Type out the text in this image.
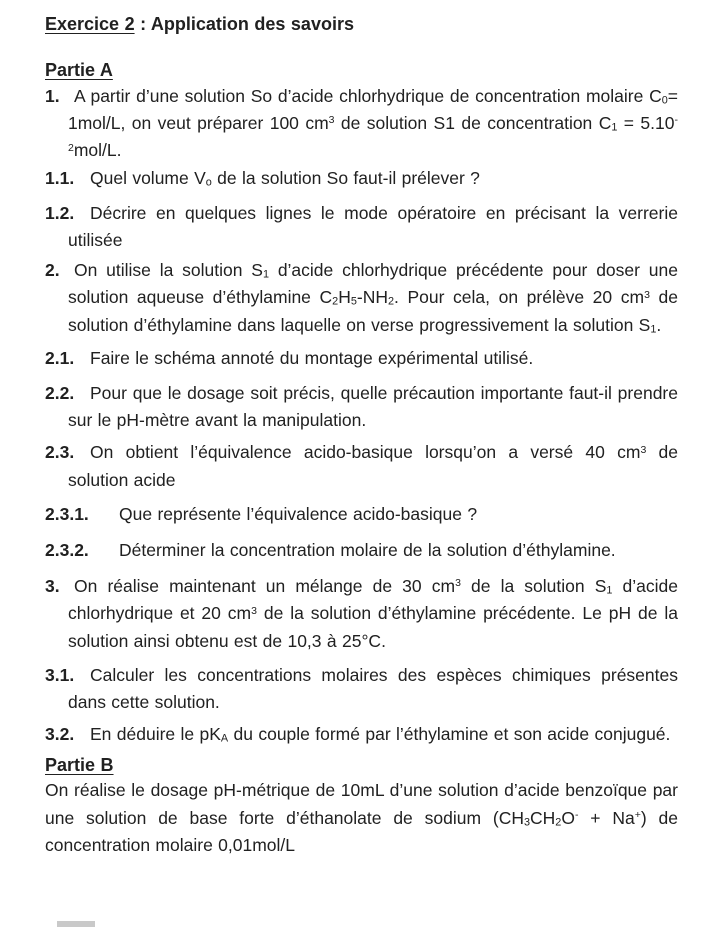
Exercice 2 : Application des savoirs

Partie A

1. A partir d’une solution So d’acide chlorhydrique de concentration molaire C0= 1mol/L, on veut préparer 100 $cm^3$ de solution S1 de concentration $C1 = 5.10^{-2}mol/L$.

1.1. Quel volume Vo de la solution So faut-il prélever ?

1.2. Décrire en quelques lignes le mode opératoire en précisant la verrerie utilisée

2. On utilise la solution S1 d’acide chlorhydrique précédente pour doser une solution aqueuse d’éthylamine C2H5-NH2. Pour cela, on prélève 20 $cm^3$ de solution d’éthylamine dans laquelle on verse progressivement la solution S1.

2.1. Faire le schéma annoté du montage expérimental utilisé.

2.2. Pour que le dosage soit précis, quelle précaution importante faut-il prendre sur le pH-mètre avant la manipulation.

2.3. On obtient l’équivalence acido-basique lorsqu’on a versé 40 $cm^3$ de solution acide

2.3.1. Que représente l’équivalence acido-basique ?

2.3.2. Déterminer la concentration molaire de la solution d’éthylamine.

3. On réalise maintenant un mélange de 30 $cm^3$ de la solution S1 d’acide chlorhydrique et 20 $cm^3$ de la solution d’éthylamine précédente. Le pH de la solution ainsi obtenu est de 10,3 à 25°C.

3.1. Calculer les concentrations molaires des espèces chimiques présentes dans cette solution.

3.2. En déduire le pKA du couple formé par l’éthylamine et son acide conjugué.

Partie B

On réalise le dosage pH-métrique de 10mL d’une solution d’acide benzoïque par une solution de base forte d’éthanolate de sodium (CH3CH2O- + Na+) de concentration molaire 0,01mol/L
